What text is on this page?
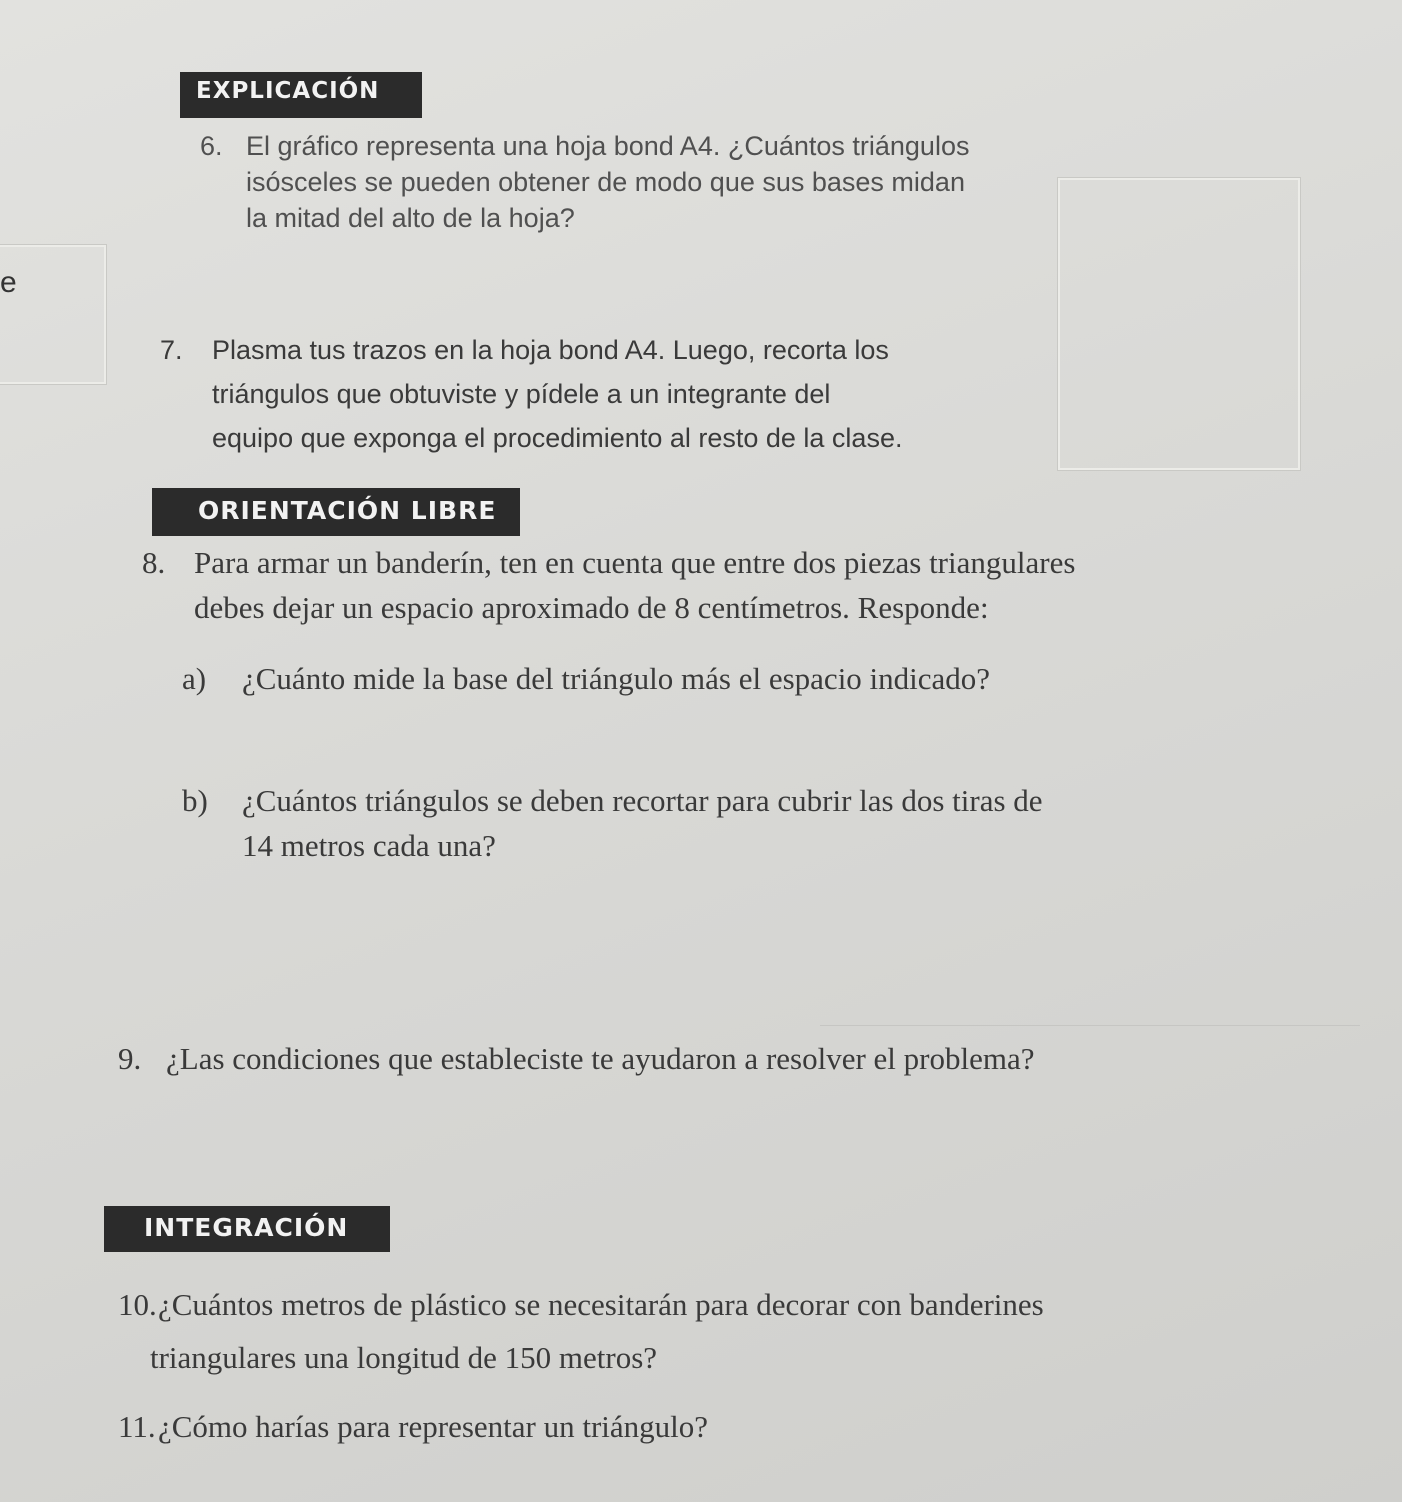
e
EXPLICACIÓN
6. El gráfico representa una hoja bond A4. ¿Cuántos triángulos
isósceles se pueden obtener de modo que sus bases midan
la mitad del alto de la hoja?
7. Plasma tus trazos en la hoja bond A4. Luego, recorta los
triángulos que obtuviste y pídele a un integrante del
equipo que exponga el procedimiento al resto de la clase.
ORIENTACIÓN LIBRE
8. Para armar un banderín, ten en cuenta que entre dos piezas triangulares
debes dejar un espacio aproximado de 8 centímetros. Responde:
a) ¿Cuánto mide la base del triángulo más el espacio indicado?
b) ¿Cuántos triángulos se deben recortar para cubrir las dos tiras de
14 metros cada una?
9. ¿Las condiciones que estableciste te ayudaron a resolver el problema?
INTEGRACIÓN
10.¿Cuántos metros de plástico se necesitarán para decorar con banderines
triangulares una longitud de 150 metros?
11.¿Cómo harías para representar un triángulo?
